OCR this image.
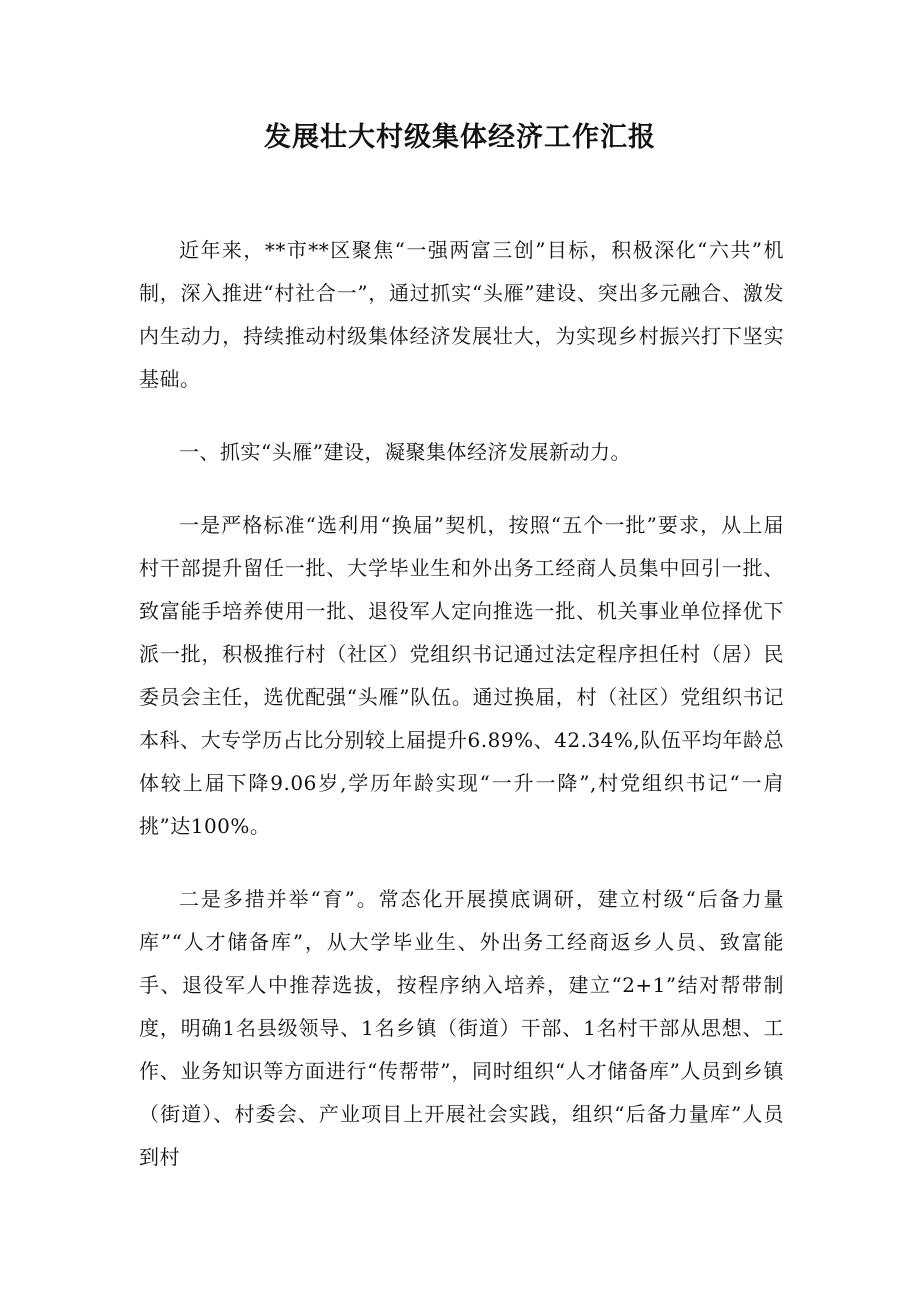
发展壮大村级集体经济工作汇报

近年来，**市**区聚焦“一强两富三创”目标，积极深化“六共”机制，深入推进“村社合一”，通过抓实“头雁”建设、突出多元融合、激发内生动力，持续推动村级集体经济发展壮大，为实现乡村振兴打下坚实基础。

一、抓实“头雁”建设，凝聚集体经济发展新动力。

一是严格标准“选利用“换届”契机，按照“五个一批”要求，从上届村干部提升留任一批、大学毕业生和外出务工经商人员集中回引一批、致富能手培养使用一批、退役军人定向推选一批、机关事业单位择优下派一批，积极推行村（社区）党组织书记通过法定程序担任村（居）民委员会主任，选优配强“头雁”队伍。通过换届，村（社区）党组织书记本科、大专学历占比分别较上届提升6.89%、42.34%,队伍平均年龄总体较上届下降9.06岁,学历年龄实现“一升一降”,村党组织书记“一肩挑”达100%。

二是多措并举“育”。常态化开展摸底调研，建立村级“后备力量库”“人才储备库”，从大学毕业生、外出务工经商返乡人员、致富能手、退役军人中推荐选拔，按程序纳入培养，建立“2+1”结对帮带制度，明确1名县级领导、1名乡镇（街道）干部、1名村干部从思想、工作、业务知识等方面进行“传帮带”，同时组织“人才储备库”人员到乡镇（街道）、村委会、产业项目上开展社会实践，组织“后备力量库”人员到村
